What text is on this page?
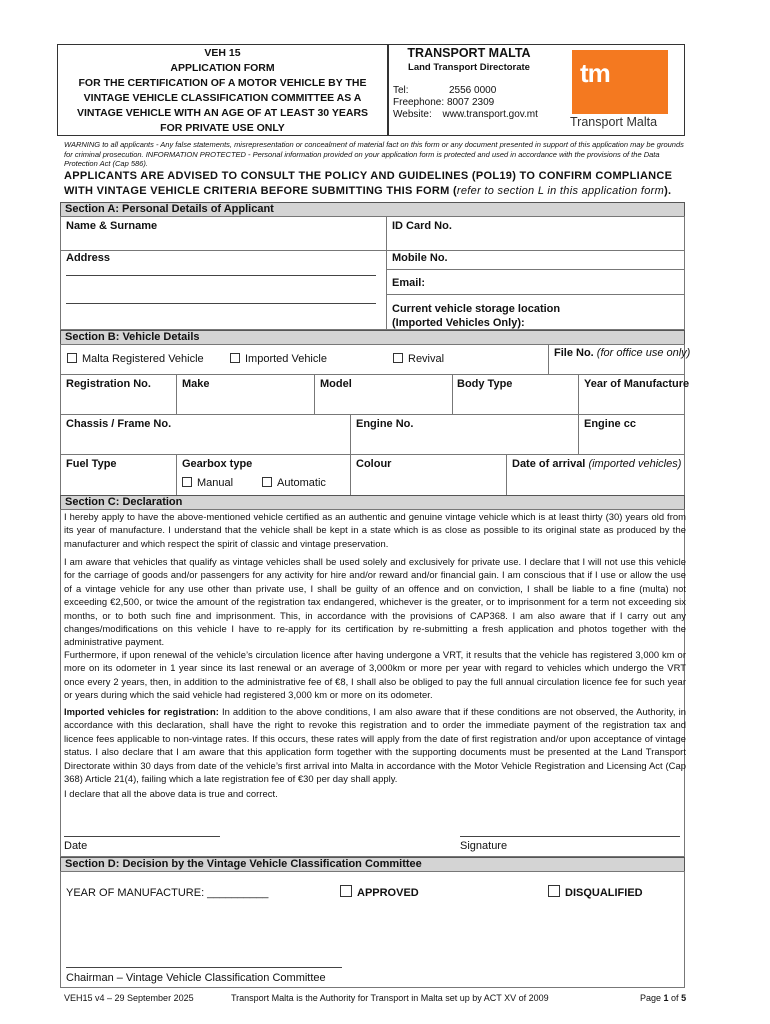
VEH 15
APPLICATION FORM
FOR THE CERTIFICATION OF A MOTOR VEHICLE BY THE
VINTAGE VEHICLE CLASSIFICATION COMMITTEE AS A
VINTAGE VEHICLE WITH AN AGE OF AT LEAST 30 YEARS
FOR PRIVATE USE ONLY
TRANSPORT MALTA
Land Transport Directorate
Tel:	2556 0000
Freephone: 8007 2309
Website: www.transport.gov.mt
tm
Transport Malta
WARNING to all applicants - Any false statements, misrepresentation or concealment of material fact on this form or any document presented in support of this application may be grounds for criminal prosecution. INFORMATION PROTECTED - Personal information provided on your application form is protected and used in accordance with the provisions of the Data Protection Act (Cap 586).
APPLICANTS ARE ADVISED TO CONSULT THE POLICY AND GUIDELINES (POL19) TO CONFIRM COMPLIANCE WITH VINTAGE VEHICLE CRITERIA BEFORE SUBMITTING THIS FORM (refer to section L in this application form).
Section A: Personal Details of Applicant
Name & Surname	ID Card No.
Address	Mobile No.
Email:
Current vehicle storage location
(Imported Vehicles Only):
Section B: Vehicle Details
Malta Registered Vehicle	Imported Vehicle	Revival	File No. (for office use only)
Registration No.	Make	Model	Body Type	Year of Manufacture
Chassis / Frame No.	Engine No.	Engine cc
Fuel Type	Gearbox type	Colour	Date of arrival (imported vehicles)
Manual	Automatic
Section C: Declaration
I hereby apply to have the above-mentioned vehicle certified as an authentic and genuine vintage vehicle which is at least thirty (30) years old from its year of manufacture. I understand that the vehicle shall be kept in a state which is as close as possible to its original state as produced by the manufacturer and which respect the spirit of classic and vintage preservation.
I am aware that vehicles that qualify as vintage vehicles shall be used solely and exclusively for private use. I declare that I will not use this vehicle for the carriage of goods and/or passengers for any activity for hire and/or reward and/or financial gain. I am conscious that if I use or allow the use of a vintage vehicle for any use other than private use, I shall be guilty of an offence and on conviction, I shall be liable to a fine (multa) not exceeding €2,500, or twice the amount of the registration tax endangered, whichever is the greater, or to imprisonment for a term not exceeding six months, or to both such fine and imprisonment. This, in accordance with the provisions of CAP368. I am also aware that if I carry out any changes/modifications on this vehicle I have to re-apply for its certification by re-submitting a fresh application and photos together with the administrative payment.
Furthermore, if upon renewal of the vehicle’s circulation licence after having undergone a VRT, it results that the vehicle has registered 3,000 km or more on its odometer in 1 year since its last renewal or an average of 3,000km or more per year with regard to vehicles which undergo the VRT once every 2 years, then, in addition to the administrative fee of €8, I shall also be obliged to pay the full annual circulation licence fee for such year or years during which the said vehicle had registered 3,000 km or more on its odometer.
Imported vehicles for registration: In addition to the above conditions, I am also aware that if these conditions are not observed, the Authority, in accordance with this declaration, shall have the right to revoke this registration and to order the immediate payment of the registration tax and licence fees applicable to non-vintage rates. If this occurs, these rates will apply from the date of first registration and/or upon acceptance of vintage status. I also declare that I am aware that this application form together with the supporting documents must be presented at the Land Transport Directorate within 30 days from date of the vehicle’s first arrival into Malta in accordance with the Motor Vehicle Registration and Licensing Act (Cap 368) Article 21(4), failing which a late registration fee of €30 per day shall apply.
I declare that all the above data is true and correct.
Date	Signature
Section D: Decision by the Vintage Vehicle Classification Committee
YEAR OF MANUFACTURE: __________	APPROVED	DISQUALIFIED
Chairman – Vintage Vehicle Classification Committee
VEH15 v4 – 29 September 2025	Transport Malta is the Authority for Transport in Malta set up by ACT XV of 2009	Page 1 of 5
